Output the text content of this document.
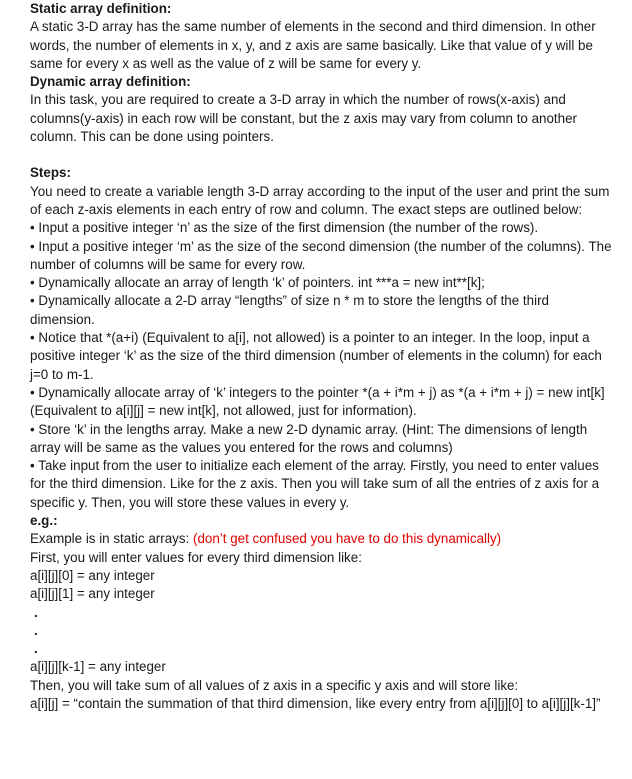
Static array definition:

A static 3-D array has the same number of elements in the second and third dimension. In other words, the number of elements in x, y, and z axis are same basically. Like that value of y will be same for every x as well as the value of z will be same for every y.

Dynamic array definition:

In this task, you are required to create a 3-D array in which the number of rows(x-axis) and columns(y-axis) in each row will be constant, but the z axis may vary from column to another column. This can be done using pointers.

Steps:

You need to create a variable length 3-D array according to the input of the user and print the sum of each z-axis elements in each entry of row and column. The exact steps are outlined below:

• Input a positive integer ‘n’ as the size of the first dimension (the number of the rows).

• Input a positive integer ‘m’ as the size of the second dimension (the number of the columns). The number of columns will be same for every row.

• Dynamically allocate an array of length ‘k’ of pointers. int ***a = new int**[k];

• Dynamically allocate a 2-D array “lengths” of size n * m to store the lengths of the third dimension.

• Notice that *(a+i) (Equivalent to a[i], not allowed) is a pointer to an integer. In the loop, input a positive integer ‘k’ as the size of the third dimension (number of elements in the column) for each j=0 to m-1.

• Dynamically allocate array of ‘k’ integers to the pointer *(a + i*m + j) as *(a + i*m + j) = new int[k] (Equivalent to a[i][j] = new int[k], not allowed, just for information).

• Store ‘k’ in the lengths array. Make a new 2-D dynamic array. (Hint: The dimensions of length array will be same as the values you entered for the rows and columns)

• Take input from the user to initialize each element of the array. Firstly, you need to enter values for the third dimension. Like for the z axis. Then you will take sum of all the entries of z axis for a specific y. Then, you will store these values in every y.

e.g.:

Example is in static arrays: (don’t get confused you have to do this dynamically)

First, you will enter values for every third dimension like:

a[i][j][0] = any integer

a[i][j][1] = any integer

.

.

.

a[i][j][k-1] = any integer

Then, you will take sum of all values of z axis in a specific y axis and will store like:

a[i][j] = “contain the summation of that third dimension, like every entry from a[i][j][0] to a[i][j][k-1]”
